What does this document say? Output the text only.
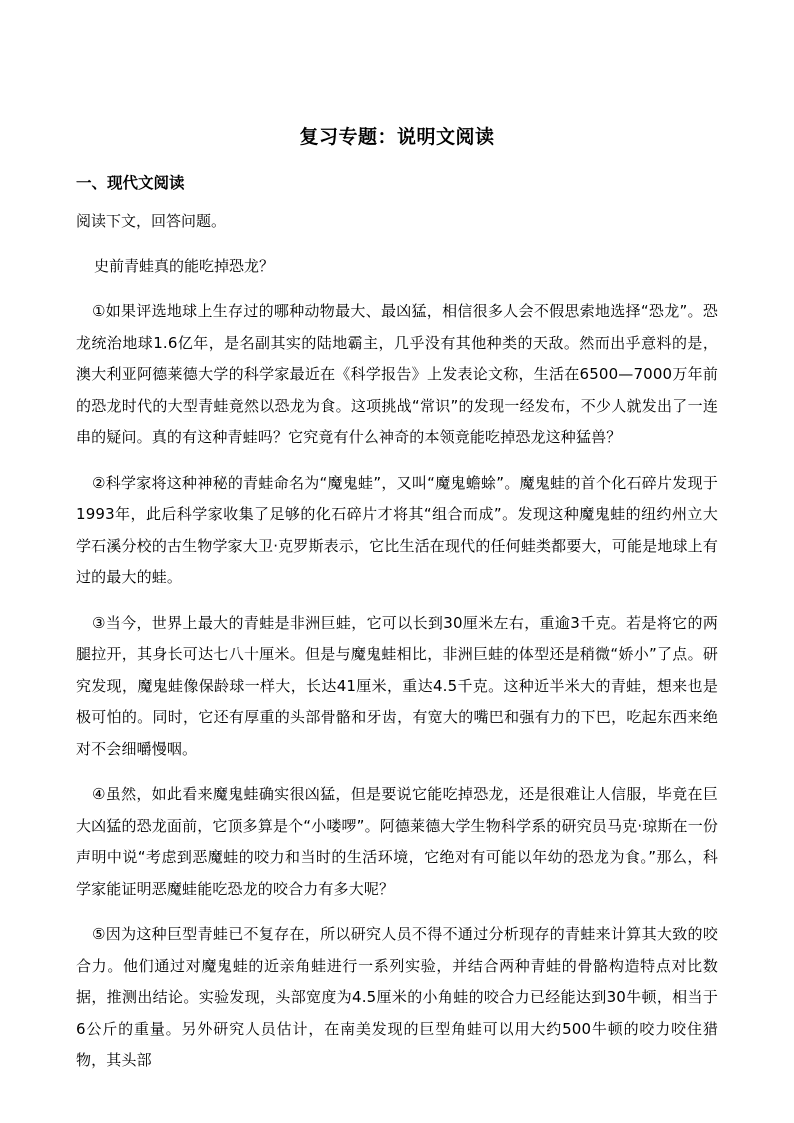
复习专题：说明文阅读
一、现代文阅读
阅读下文，回答问题。
史前青蛙真的能吃掉恐龙？

①如果评选地球上生存过的哪种动物最大、最凶猛，相信很多人会不假思索地选择“恐龙”。恐龙统治地球1.6亿年，是名副其实的陆地霸主，几乎没有其他种类的天敌。然而出乎意料的是，澳大利亚阿德莱德大学的科学家最近在《科学报告》上发表论文称，生活在6500—7000万年前的恐龙时代的大型青蛙竟然以恐龙为食。这项挑战“常识”的发现一经发布，不少人就发出了一连串的疑问。真的有这种青蛙吗？它究竟有什么神奇的本领竟能吃掉恐龙这种猛兽？

②科学家将这种神秘的青蛙命名为“魔鬼蛙”，又叫“魔鬼蟾蜍”。魔鬼蛙的首个化石碎片发现于1993年，此后科学家收集了足够的化石碎片才将其“组合而成”。发现这种魔鬼蛙的纽约州立大学石溪分校的古生物学家大卫·克罗斯表示，它比生活在现代的任何蛙类都要大，可能是地球上有过的最大的蛙。

③当今，世界上最大的青蛙是非洲巨蛙，它可以长到30厘米左右，重逾3千克。若是将它的两腿拉开，其身长可达七八十厘米。但是与魔鬼蛙相比，非洲巨蛙的体型还是稍微“娇小”了点。研究发现，魔鬼蛙像保龄球一样大，长达41厘米，重达4.5千克。这种近半米大的青蛙，想来也是极可怕的。同时，它还有厚重的头部骨骼和牙齿，有宽大的嘴巴和强有力的下巴，吃起东西来绝对不会细嚼慢咽。

④虽然，如此看来魔鬼蛙确实很凶猛，但是要说它能吃掉恐龙，还是很难让人信服，毕竟在巨大凶猛的恐龙面前，它顶多算是个“小喽啰”。阿德莱德大学生物科学系的研究员马克·琼斯在一份声明中说“考虑到恶魔蛙的咬力和当时的生活环境，它绝对有可能以年幼的恐龙为食。”那么，科学家能证明恶魔蛙能吃恐龙的咬合力有多大呢？

⑤因为这种巨型青蛙已不复存在，所以研究人员不得不通过分析现存的青蛙来计算其大致的咬合力。他们通过对魔鬼蛙的近亲角蛙进行一系列实验，并结合两种青蛙的骨骼构造特点对比数据，推测出结论。实验发现，头部宽度为4.5厘米的小角蛙的咬合力已经能达到30牛顿，相当于6公斤的重量。另外研究人员估计，在南美发现的巨型角蛙可以用大约500牛顿的咬力咬住猎物，其头部
